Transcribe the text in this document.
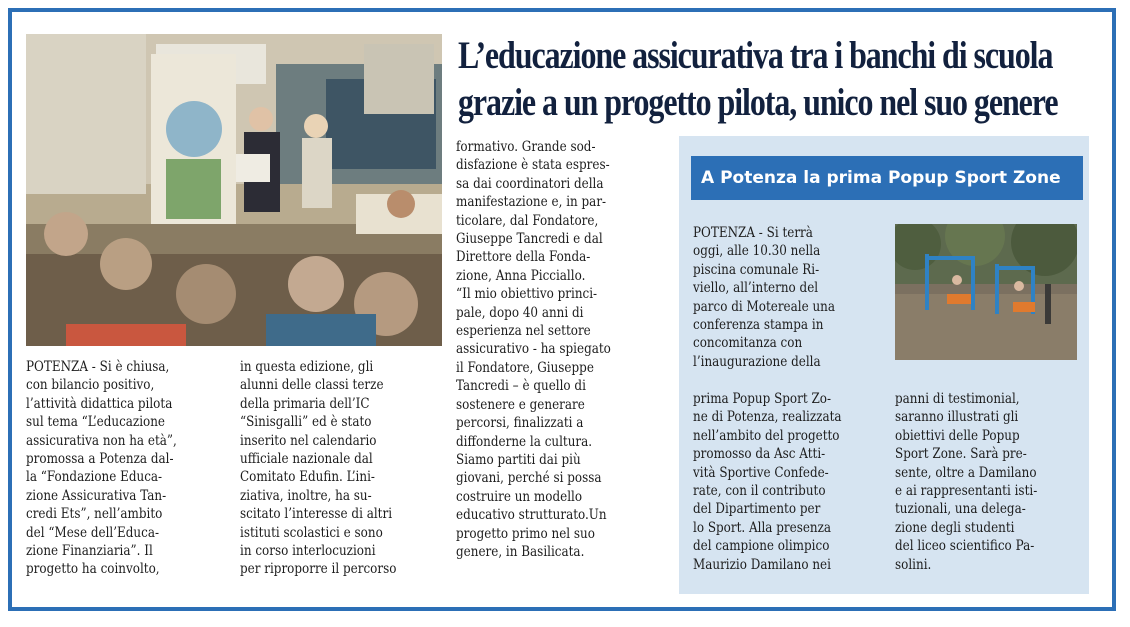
L’educazione assicurativa tra i banchi di scuola
grazie a un progetto pilota, unico nel suo genere

POTENZA - Si è chiusa,

con bilancio positivo,

l’attività didattica pilota

sul tema “L’educazione

assicurativa non ha età”,

promossa a Potenza dal-

la “Fondazione Educa-

zione Assicurativa Tan-

credi Ets”, nell’ambito

del “Mese dell’Educa-

zione Finanziaria”. Il

progetto ha coinvolto,

in questa edizione, gli

alunni delle classi terze

della primaria dell’IC

“Sinisgalli” ed è stato

inserito nel calendario

ufficiale nazionale dal

Comitato Edufin. L’ini-

ziativa, inoltre, ha su-

scitato l’interesse di altri

istituti scolastici e sono

in corso interlocuzioni

per riproporre il percorso

formativo. Grande sod-

disfazione è stata espres-

sa dai coordinatori della

manifestazione e, in par-

ticolare, dal Fondatore,

Giuseppe Tancredi e dal

Direttore della Fonda-

zione, Anna Picciallo.

“Il mio obiettivo princi-

pale, dopo 40 anni di

esperienza nel settore

assicurativo - ha spiegato

il Fondatore, Giuseppe

Tancredi – è quello di

sostenere e generare

percorsi, finalizzati a

diffonderne la cultura.

Siamo partiti dai più

giovani, perché si possa

costruire un modello

educativo strutturato.Un

progetto primo nel suo

genere, in Basilicata.

A Potenza la prima Popup Sport Zone

POTENZA - Si terrà

oggi, alle 10.30 nella

piscina comunale Ri-

viello, all’interno del

parco di Motereale una

conferenza stampa in

concomitanza con

l’inaugurazione della

prima Popup Sport Zo-

ne di Potenza, realizzata

nell’ambito del progetto

promosso da Asc Atti-

vità Sportive Confede-

rate, con il contributo

del Dipartimento per

lo Sport. Alla presenza

del campione olimpico

Maurizio Damilano nei

panni di testimonial,

saranno illustrati gli

obiettivi delle Popup

Sport Zone. Sarà pre-

sente, oltre a Damilano

e ai rappresentanti isti-

tuzionali, una delega-

zione degli studenti

del liceo scientifico Pa-

solini.
